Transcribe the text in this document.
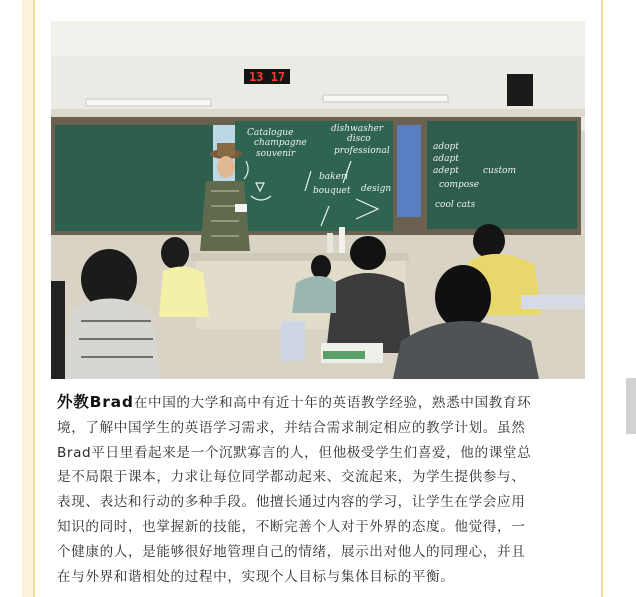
13 17
Catalogue
champagne
souvenir
dishwasher
disco
professional
bakeri
bouquet design
adopt
adapt
adept
compose
custom
cool cats
外教Brad在中国的大学和高中有近十年的英语教学经验，熟悉中国教育环
境，了解中国学生的英语学习需求，并结合需求制定相应的教学计划。虽然
Brad平日里看起来是一个沉默寡言的人，但他极受学生们喜爱，他的课堂总
是不局限于课本，力求让每位同学都动起来、交流起来，为学生提供参与、
表现、表达和行动的多种手段。他擅长通过内容的学习，让学生在学会应用
知识的同时，也掌握新的技能，不断完善个人对于外界的态度。他觉得，一
个健康的人，是能够很好地管理自己的情绪，展示出对他人的同理心，并且
在与外界和谐相处的过程中，实现个人目标与集体目标的平衡。
